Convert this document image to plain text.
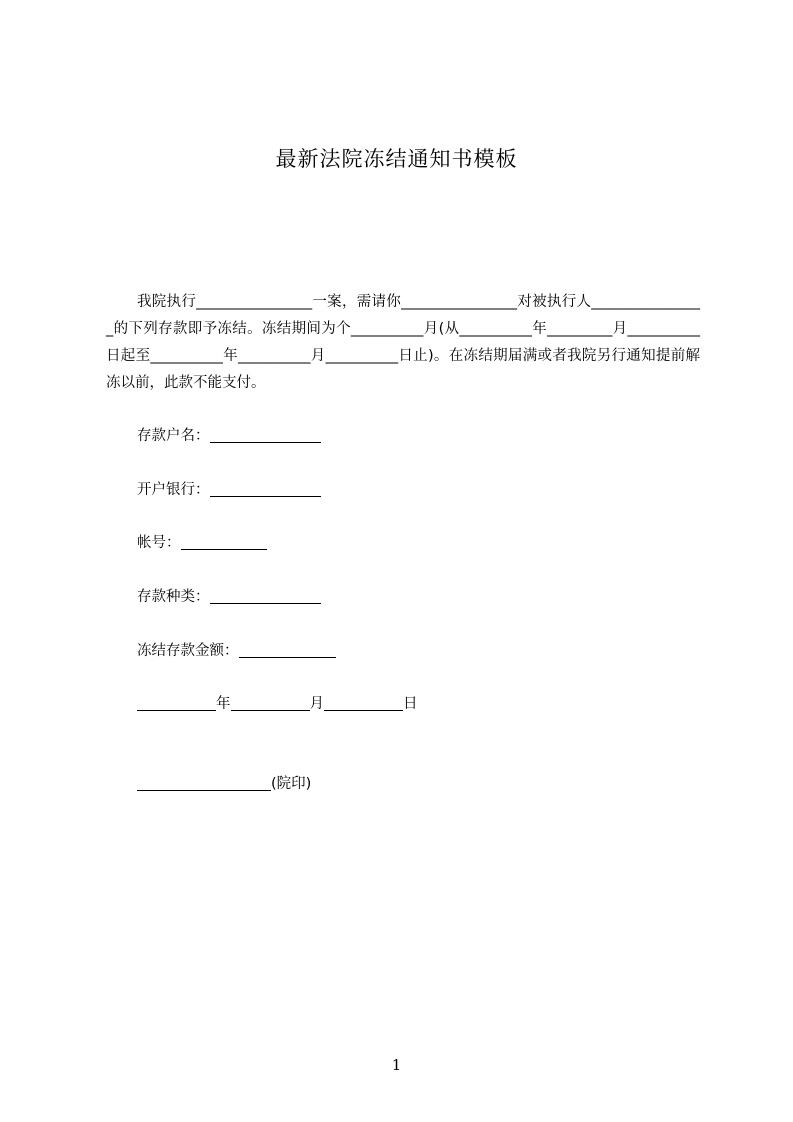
最新法院冻结通知书模板
我院执行________________一案，需请你________________对被执行人________________的下列存款即予冻结。冻结期间为个__________月(从__________年_________月__________日起至__________年__________月__________日止)。在冻结期届满或者我院另行通知提前解冻以前，此款不能支付。
存款户名：
开户银行：
帐号：
存款种类：
冻结存款金额：
年	月	日
(院印)
1
